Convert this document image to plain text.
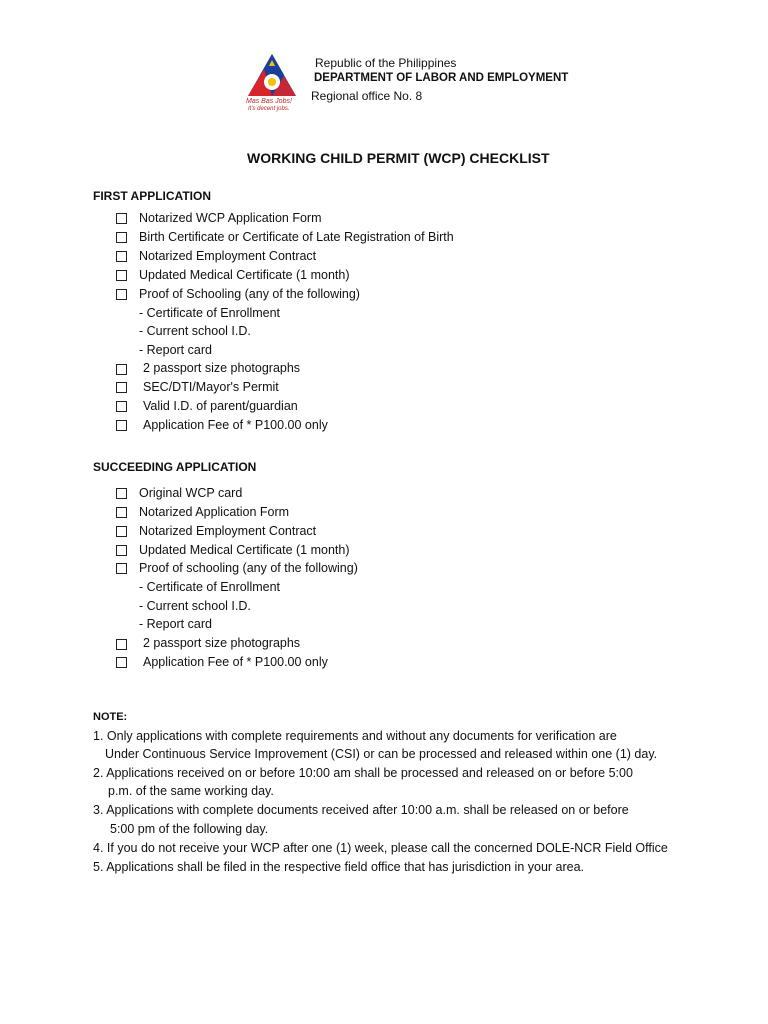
Mas Bas Jobs!
It's decent jobs.
Republic of the Philippines
DEPARTMENT OF LABOR AND EMPLOYMENT
Regional office No. 8
WORKING CHILD PERMIT (WCP) CHECKLIST
FIRST APPLICATION
Notarized WCP Application Form
Birth Certificate or Certificate of Late Registration of Birth
Notarized Employment Contract
Updated Medical Certificate (1 month)
Proof of Schooling (any of the following)
- Certificate of Enrollment
- Current school I.D.
- Report card
2 passport size photographs
SEC/DTI/Mayor's Permit
Valid I.D. of parent/guardian
Application Fee of * P100.00 only
SUCCEEDING APPLICATION
Original WCP card
Notarized Application Form
Notarized Employment Contract
Updated Medical Certificate (1 month)
Proof of schooling (any of the following)
- Certificate of Enrollment
- Current school I.D.
- Report card
2 passport size photographs
Application Fee of * P100.00 only
NOTE:
1. Only applications with complete requirements and without any documents for verification are
Under Continuous Service Improvement (CSI) or can be processed and released within one (1) day.
2. Applications received on or before 10:00 am shall be processed and released on or before 5:00
p.m. of the same working day.
3. Applications with complete documents received after 10:00 a.m. shall be released on or before
5:00 pm of the following day.
4. If you do not receive your WCP after one (1) week, please call the concerned DOLE-NCR Field Office
5. Applications shall be filed in the respective field office that has jurisdiction in your area.
